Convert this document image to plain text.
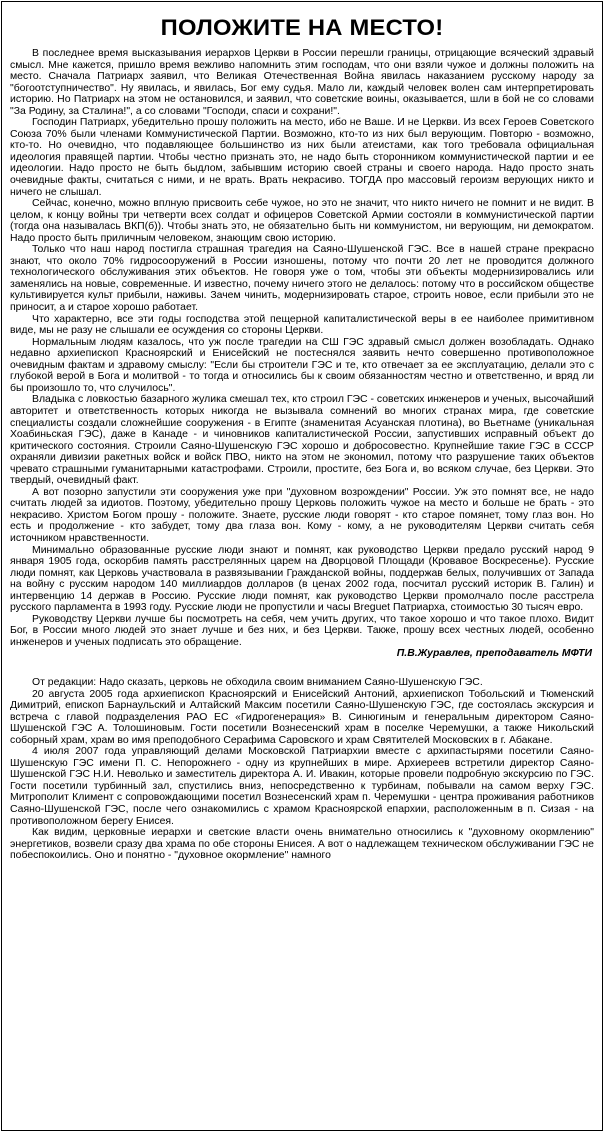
ПОЛОЖИТЕ НА МЕСТО!

В последнее время высказывания иерархов Церкви в России перешли границы, отрицающие всяческий здравый смысл. Мне кажется, пришло время вежливо напомнить этим господам, что они взяли чужое и должны положить на место. Сначала Патриарх заявил, что Великая Отечественная Война явилась наказанием русскому народу за "богоотступничество". Ну явилась, и явилась, Бог ему судья. Мало ли, каждый человек волен сам интерпретировать историю. Но Патриарх на этом не остановился, и заявил, что советские воины, оказывается, шли в бой не со словами "За Родину, за Сталина!", а со словами "Господи, спаси и сохрани!".

Господин Патриарх, убедительно прошу положить на место, ибо не Ваше. И не Церкви. Из всех Героев Советского Союза 70% были членами Коммунистической Партии. Возможно, кто-то из них был верующим. Повторю - возможно, кто-то. Но очевидно, что подавляющее большинство из них были атеистами, как того требовала официальная идеология правящей партии. Чтобы честно признать это, не надо быть сторонником коммунистической партии и ее идеологии. Надо просто не быть быдлом, забывшим историю своей страны и своего народа. Надо просто знать очевидные факты, считаться с ними, и не врать. Врать некрасиво. ТОГДА про массовый героизм верующих никто и ничего не слышал.

Сейчас, конечно, можно вплную присвоить себе чужое, но это не значит, что никто ничего не помнит и не видит. В целом, к концу войны три четверти всех солдат и офицеров Советской Армии состояли в коммунистической партии (тогда она называлась ВКП(б)). Чтобы знать это, не обязательно быть ни коммунистом, ни верующим, ни демократом. Надо просто быть приличным человеком, знающим свою историю.

Только что наш народ постигла страшная трагедия на Саяно-Шушенской ГЭС. Все в нашей стране прекрасно знают, что около 70% гидросооружений в России изношены, потому что почти 20 лет не проводится должного технологического обслуживания этих объектов. Не говоря уже о том, чтобы эти объекты модернизировались или заменялись на новые, современные. И известно, почему ничего этого не делалось: потому что в российском обществе культивируется культ прибыли, наживы. Зачем чинить, модернизировать старое, строить новое, если прибыли это не приносит, а и старое хорошо работает.

Что характерно, все эти годы господства этой пещерной капиталистической веры в ее наиболее примитивном виде, мы не разу не слышали ее осуждения со стороны Церкви.

Нормальным людям казалось, что уж после трагедии на СШ ГЭС здравый смысл должен возобладать. Однако недавно архиепископ Красноярский и Енисейский не постеснялся заявить нечто совершенно противоположное очевидным фактам и здравому смыслу: "Если бы строители ГЭС и те, кто отвечает за ее эксплуатацию, делали это с глубокой верой в Бога и молитвой - то тогда и относились бы к своим обязанностям честно и ответственно, и вряд ли бы произошло то, что случилось".

Владыка с ловкостью базарного жулика смешал тех, кто строил ГЭС - советских инженеров и ученых, высочайший авторитет и ответственность которых никогда не вызывала сомнений во многих странах мира, где советские специалисты создали сложнейшие сооружения - в Египте (знаменитая Асуанская плотина), во Вьетнаме (уникальная Хоабиньская ГЭС), даже в Канаде - и чиновников капиталистической России, запустивших исправный объект до критического состояния. Строили Саяно-Шушенскую ГЭС хорошо и добросовестно. Крупнейшие такие ГЭС в СССР охраняли дивизии ракетных войск и войск ПВО, никто на этом не экономил, потому что разрушение таких объектов чревато страшными гуманитарными катастрофами. Строили, простите, без Бога и, во всяком случае, без Церкви. Это твердый, очевидный факт.

А вот позорно запустили эти сооружения уже при "духовном возрождении" России. Уж это помнят все, не надо считать людей за идиотов. Поэтому, убедительно прошу Церковь положить чужое на место и больше не брать - это некрасиво. Христом Богом прошу - положите. Знаете, русские люди говорят - кто старое помянет, тому глаз вон. Но есть и продолжение - кто забудет, тому два глаза вон. Кому - кому, а не руководителям Церкви считать себя источником нравственности.

Минимально образованные русские люди знают и помнят, как руководство Церкви предало русский народ 9 января 1905 года, оскорбив память расстрелянных царем на Дворцовой Площади (Кровавое Воскресенье). Русские люди помнят, как Церковь участвовала в развязывании Гражданской войны, поддержав белых, получивших от Запада на войну с русским народом 140 миллиардов долларов (в ценах 2002 года, посчитал русский историк В. Галин) и интервенцию 14 держав в Россию. Русские люди помнят, как руководство Церкви промолчало после расстрела русского парламента в 1993 году. Русские люди не пропустили и часы Breguet Патриарха, стоимостью 30 тысяч евро.

Руководству Церкви лучше бы посмотреть на себя, чем учить других, что такое хорошо и что такое плохо. Видит Бог, в России много людей это знает лучше и без них, и без Церкви. Также, прошу всех честных людей, особенно инженеров и ученых подписать это обращение.

П.В.Журавлев, преподаватель МФТИ

От редакции: Надо сказать, церковь не обходила своим вниманием Саяно-Шушенскую ГЭС.

20 августа 2005 года архиепископ Красноярский и Енисейский Антоний, архиепископ Тобольский и Тюменский Димитрий, епископ Барнаульский и Алтайский Максим посетили Саяно-Шушенскую ГЭС, где состоялась экскурсия и встреча с главой подразделения РАО ЕС «Гидрогенерация» В. Синюгиным и генеральным директором Саяно-Шушенской ГЭС А. Толошиновым. Гости посетили Вознесенский храм в поселке Черемушки, а также Никольский соборный храм, храм во имя преподобного Серафима Саровского и храм Святителей Московских в г. Абакане.

4 июля 2007 года управляющий делами Московской Патриархии вместе с архипастырями посетили Саяно-Шушенскую ГЭС имени П. С. Непорожнего - одну из крупнейших в мире. Архиереев встретили директор Саяно-Шушенской ГЭС Н.И. Неволько и заместитель директора А. И. Ивакин, которые провели подробную экскурсию по ГЭС. Гости посетили турбинный зал, спустились вниз, непосредственно к турбинам, побывали на самом верху ГЭС. Митрополит Климент с сопровождающими посетил Вознесенский храм п. Черемушки - центра проживания работников Саяно-Шушенской ГЭС, после чего ознакомились с храмом Красноярской епархии, расположенным в п. Сизая - на противоположном берегу Енисея.

Как видим, церковные иерархи и светские власти очень внимательно относились к "духовному окормлению" энергетиков, возвели сразу два храма по обе стороны Енисея. А вот о надлежащем техническом обслуживании ГЭС не побеспокоились. Оно и понятно - "духовное окормление" намного
